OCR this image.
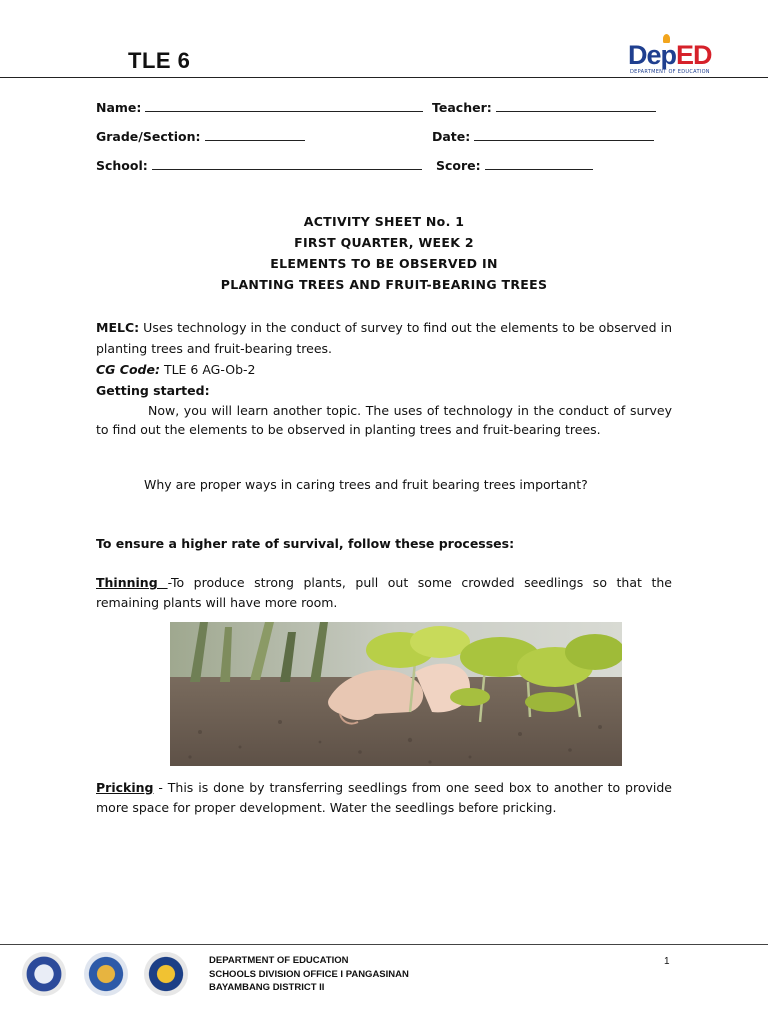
TLE 6	DepED
DEPARTMENT OF EDUCATION
Name:	Teacher:
Grade/Section:	Date:
School:	Score:
ACTIVITY SHEET No. 1
FIRST QUARTER, WEEK 2
ELEMENTS TO BE OBSERVED IN
PLANTING TREES AND FRUIT-BEARING TREES
MELC: Uses technology in the conduct of survey to find out the elements to be observed in planting trees and fruit-bearing trees.
CG Code: TLE 6 AG-Ob-2
Getting started:
Now, you will learn another topic. The uses of technology in the conduct of survey to find out the elements to be observed in planting trees and fruit-bearing trees.
Why are proper ways in caring trees and fruit bearing trees important?
To ensure a higher rate of survival, follow these processes:
Thinning -To produce strong plants, pull out some crowded seedlings so that the remaining plants will have more room.
Pricking - This is done by transferring seedlings from one seed box to another to provide more space for proper development. Water the seedlings before pricking.
DEPARTMENT OF EDUCATION
SCHOOLS DIVISION OFFICE I PANGASINAN
BAYAMBANG DISTRICT II
1
